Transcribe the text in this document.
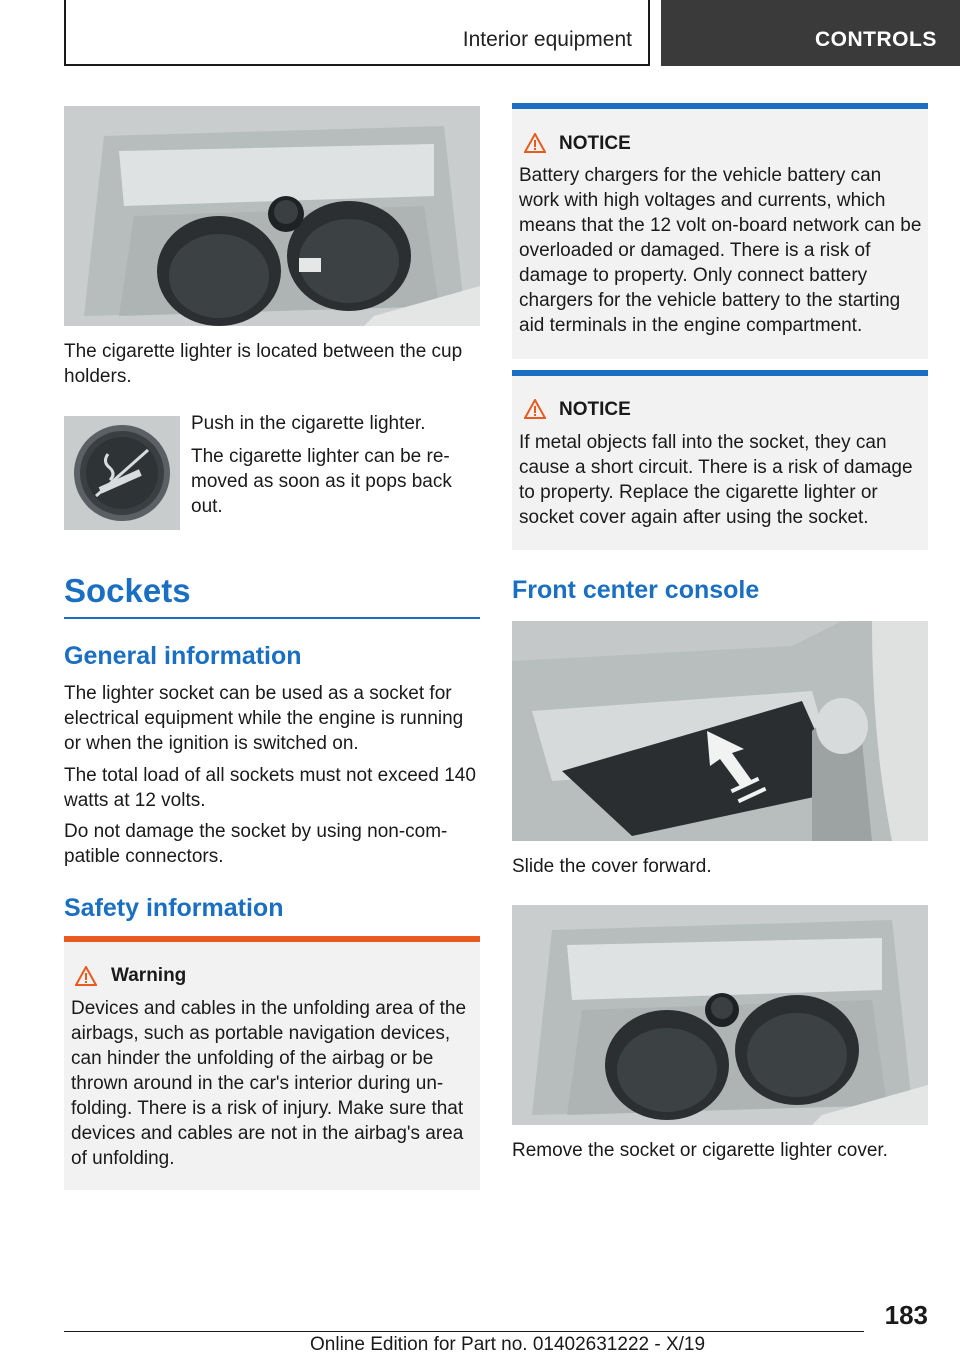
Interior equipment	CONTROLS
The cigarette lighter is located between the cup holders.
Push in the cigarette lighter.
The cigarette lighter can be re-moved as soon as it pops back out.
Sockets
General information
The lighter socket can be used as a socket for electrical equipment while the engine is running or when the ignition is switched on.
The total load of all sockets must not exceed 140 watts at 12 volts.
Do not damage the socket by using non-com-patible connectors.
Safety information
Warning
Devices and cables in the unfolding area of the airbags, such as portable navigation devices, can hinder the unfolding of the airbag or be thrown around in the car's interior during un-folding. There is a risk of injury. Make sure that devices and cables are not in the airbag's area of unfolding.
NOTICE
Battery chargers for the vehicle battery can work with high voltages and currents, which means that the 12 volt on-board network can be overloaded or damaged. There is a risk of damage to property. Only connect battery chargers for the vehicle battery to the starting aid terminals in the engine compartment.
NOTICE
If metal objects fall into the socket, they can cause a short circuit. There is a risk of damage to property. Replace the cigarette lighter or socket cover again after using the socket.
Front center console
Slide the cover forward.
Remove the socket or cigarette lighter cover.
183
Online Edition for Part no. 01402631222 - X/19
